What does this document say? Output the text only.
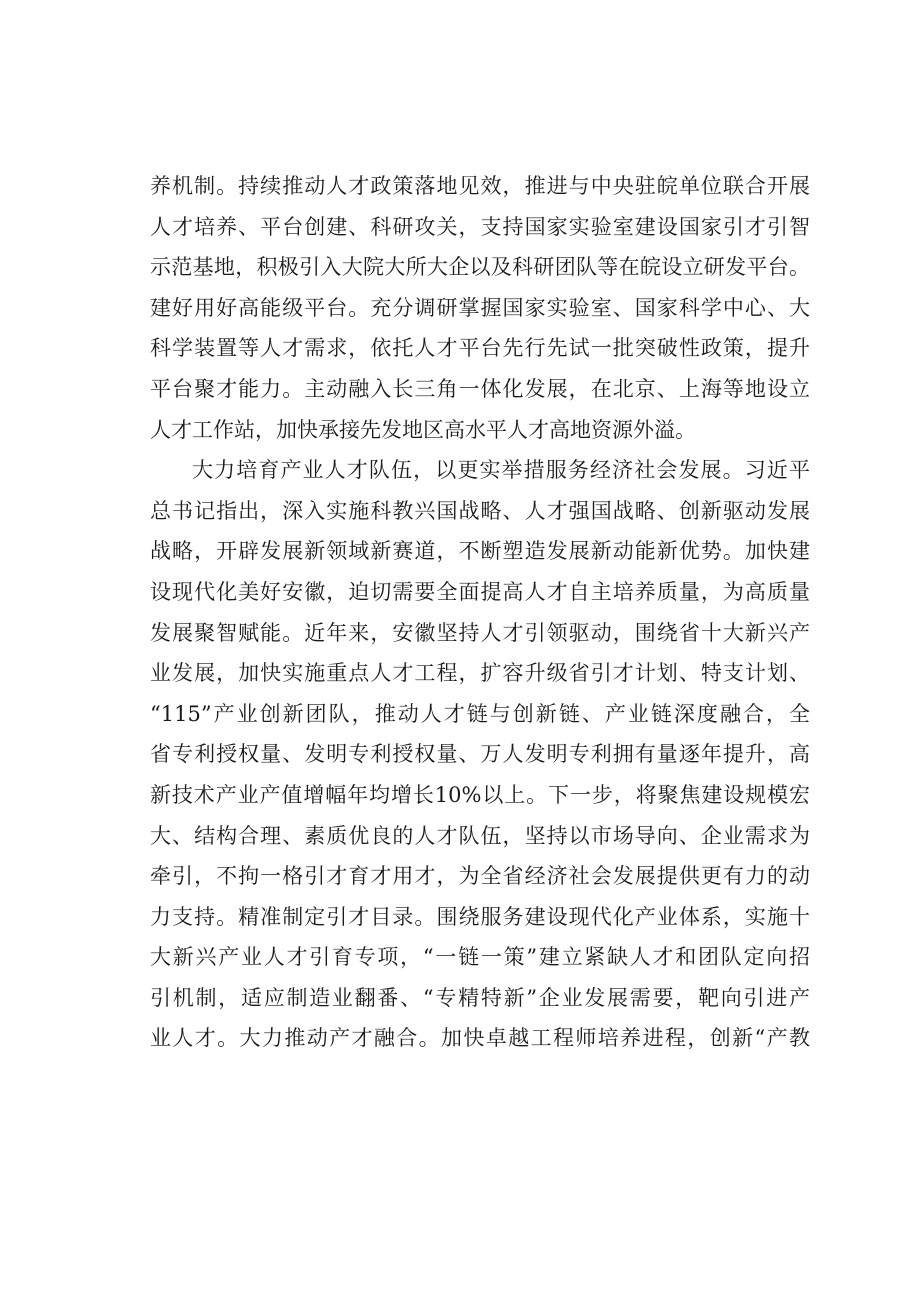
养机制。持续推动人才政策落地见效，推进与中央驻皖单位联合开展
人才培养、平台创建、科研攻关，支持国家实验室建设国家引才引智
示范基地，积极引入大院大所大企以及科研团队等在皖设立研发平台。
建好用好高能级平台。充分调研掌握国家实验室、国家科学中心、大
科学装置等人才需求，依托人才平台先行先试一批突破性政策，提升
平台聚才能力。主动融入长三角一体化发展，在北京、上海等地设立
人才工作站，加快承接先发地区高水平人才高地资源外溢。
大力培育产业人才队伍，以更实举措服务经济社会发展。习近平
总书记指出，深入实施科教兴国战略、人才强国战略、创新驱动发展
战略，开辟发展新领域新赛道，不断塑造发展新动能新优势。加快建
设现代化美好安徽，迫切需要全面提高人才自主培养质量，为高质量
发展聚智赋能。近年来，安徽坚持人才引领驱动，围绕省十大新兴产
业发展，加快实施重点人才工程，扩容升级省引才计划、特支计划、
“115”产业创新团队，推动人才链与创新链、产业链深度融合，全
省专利授权量、发明专利授权量、万人发明专利拥有量逐年提升，高
新技术产业产值增幅年均增长10%以上。下一步，将聚焦建设规模宏
大、结构合理、素质优良的人才队伍，坚持以市场导向、企业需求为
牵引，不拘一格引才育才用才，为全省经济社会发展提供更有力的动
力支持。精准制定引才目录。围绕服务建设现代化产业体系，实施十
大新兴产业人才引育专项，“一链一策”建立紧缺人才和团队定向招
引机制，适应制造业翻番、“专精特新”企业发展需要，靶向引进产
业人才。大力推动产才融合。加快卓越工程师培养进程，创新“产教
